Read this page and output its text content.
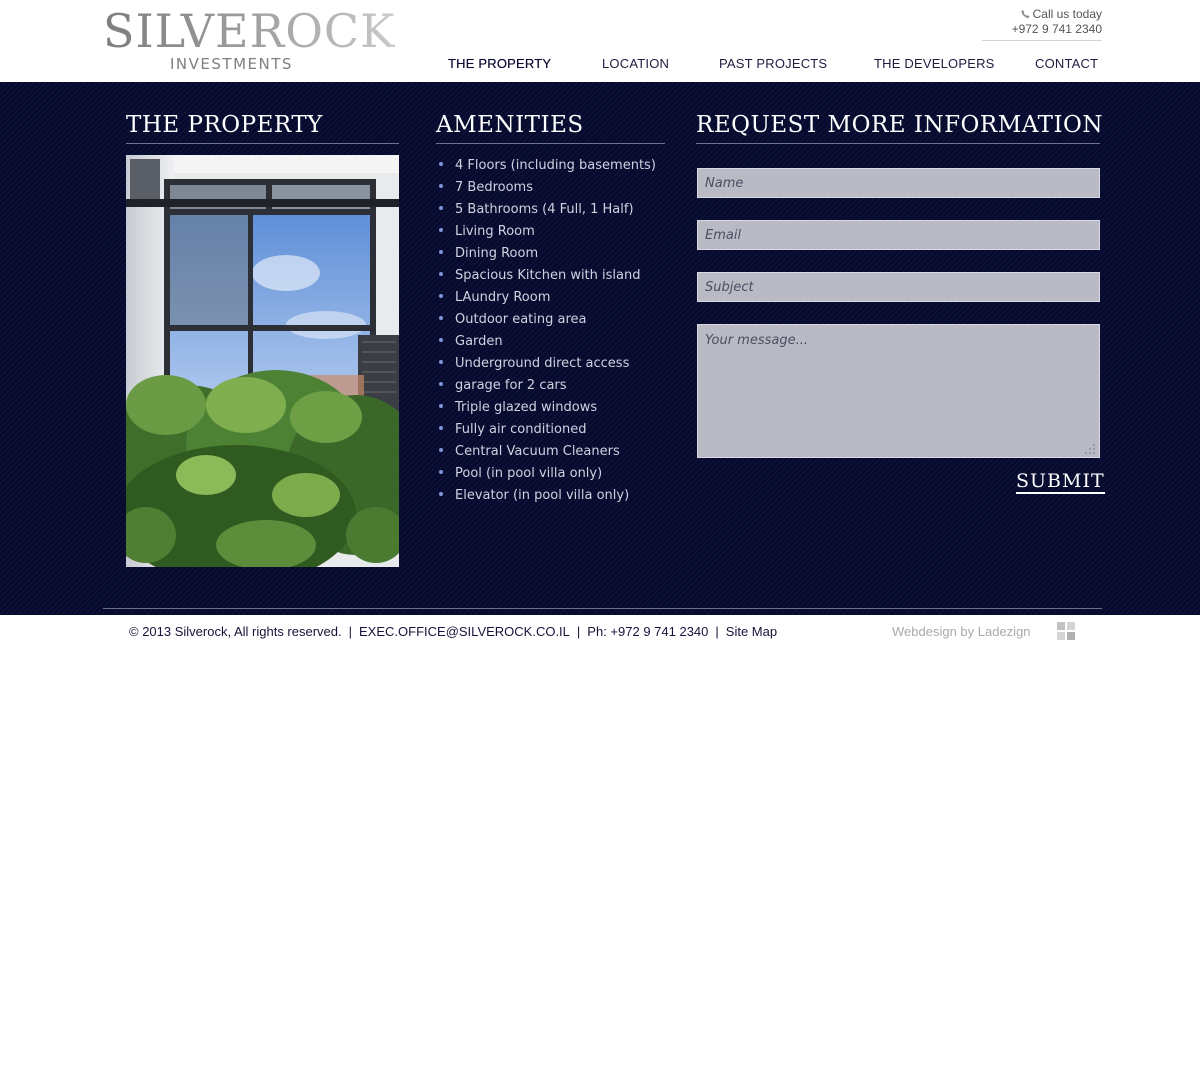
SILVEROCK
INVESTMENTS
Call us today
+972 9 741 2340
THE PROPERTY	LOCATION	PAST PROJECTS	THE DEVELOPERS	CONTACT
THE PROPERTY	AMENITIES
4 Floors (including basements)
7 Bedrooms
5 Bathrooms (4 Full, 1 Half)
Living Room
Dining Room
Spacious Kitchen with island
LAundry Room
Outdoor eating area
Garden
Underground direct access
garage for 2 cars
Triple glazed windows
Fully air conditioned
Central Vacuum Cleaners
Pool (in pool villa only)
Elevator (in pool villa only)
REQUEST MORE INFORMATION
Name
Email
Subject
Your message...
SUBMIT
© 2013 Silverock, All rights reserved. | EXEC.OFFICE@SILVEROCK.CO.IL | Ph: +972 9 741 2340 | Site Map	Webdesign by Ladezign
